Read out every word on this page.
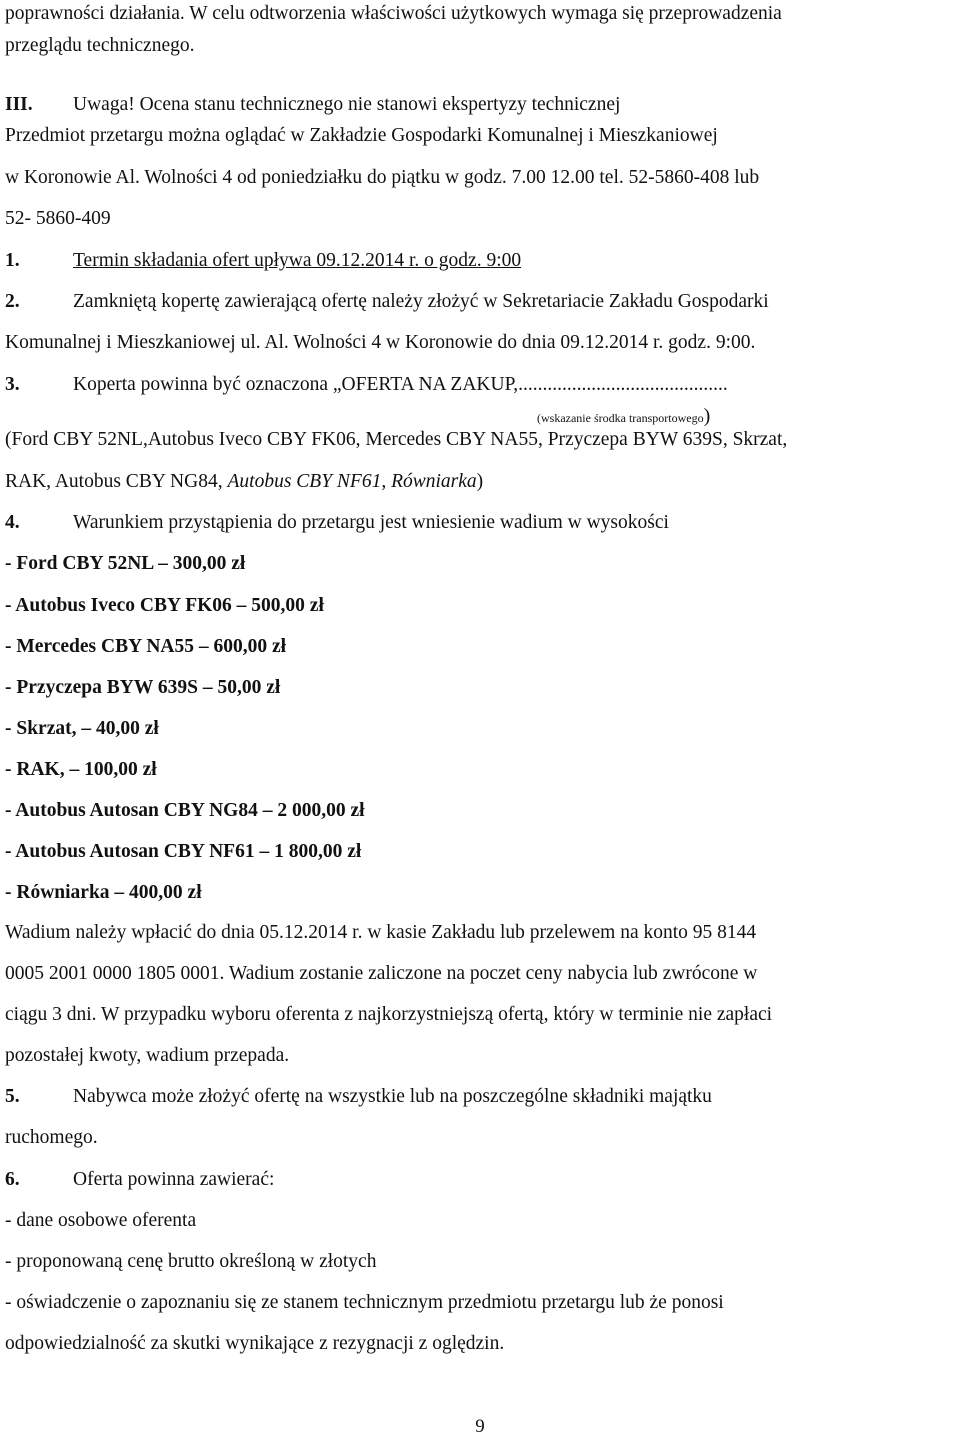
poprawności działania. W celu odtworzenia właściwości użytkowych wymaga się przeprowadzenia
przeglądu technicznego.
III. Uwaga! Ocena stanu technicznego nie stanowi ekspertyzy technicznej
Przedmiot przetargu można oglądać w Zakładzie Gospodarki Komunalnej i Mieszkaniowej
w Koronowie Al. Wolności 4 od poniedziałku do piątku w godz. 7.00 12.00 tel. 52-5860-408 lub
52- 5860-409
1.	Termin składania ofert upływa 09.12.2014 r. o godz. 9:00
2.	Zamkniętą kopertę zawierającą ofertę należy złożyć w Sekretariacie Zakładu Gospodarki
Komunalnej i Mieszkaniowej ul. Al. Wolności 4 w Koronowie do dnia 09.12.2014 r. godz. 9:00.
3.	Koperta powinna być oznaczona „OFERTA NA ZAKUP,...........................................
(wskazanie środka transportowego)
(Ford CBY 52NL,Autobus Iveco CBY FK06, Mercedes CBY NA55, Przyczepa BYW 639S, Skrzat,
RAK, Autobus CBY NG84, Autobus CBY NF61, Równiarka)
4.	Warunkiem przystąpienia do przetargu jest wniesienie wadium w wysokości
- Ford CBY 52NL – 300,00 zł
- Autobus Iveco CBY FK06 – 500,00 zł
- Mercedes CBY NA55 – 600,00 zł
- Przyczepa BYW 639S – 50,00 zł
- Skrzat, – 40,00 zł
- RAK, – 100,00 zł
- Autobus Autosan CBY NG84 – 2 000,00 zł
- Autobus Autosan CBY NF61 – 1 800,00 zł
- Równiarka – 400,00 zł
Wadium należy wpłacić do dnia 05.12.2014 r. w kasie Zakładu lub przelewem na konto 95 8144
0005 2001 0000 1805 0001. Wadium zostanie zaliczone na poczet ceny nabycia lub zwrócone w
ciągu 3 dni. W przypadku wyboru oferenta z najkorzystniejszą ofertą, który w terminie nie zapłaci
pozostałej kwoty, wadium przepada.
5.	Nabywca może złożyć ofertę na wszystkie lub na poszczególne składniki majątku
ruchomego.
6.	Oferta powinna zawierać:
- dane osobowe oferenta
- proponowaną cenę brutto określoną w złotych
- oświadczenie o zapoznaniu się ze stanem technicznym przedmiotu przetargu lub że ponosi
odpowiedzialność za skutki wynikające z rezygnacji z oględzin.
9
